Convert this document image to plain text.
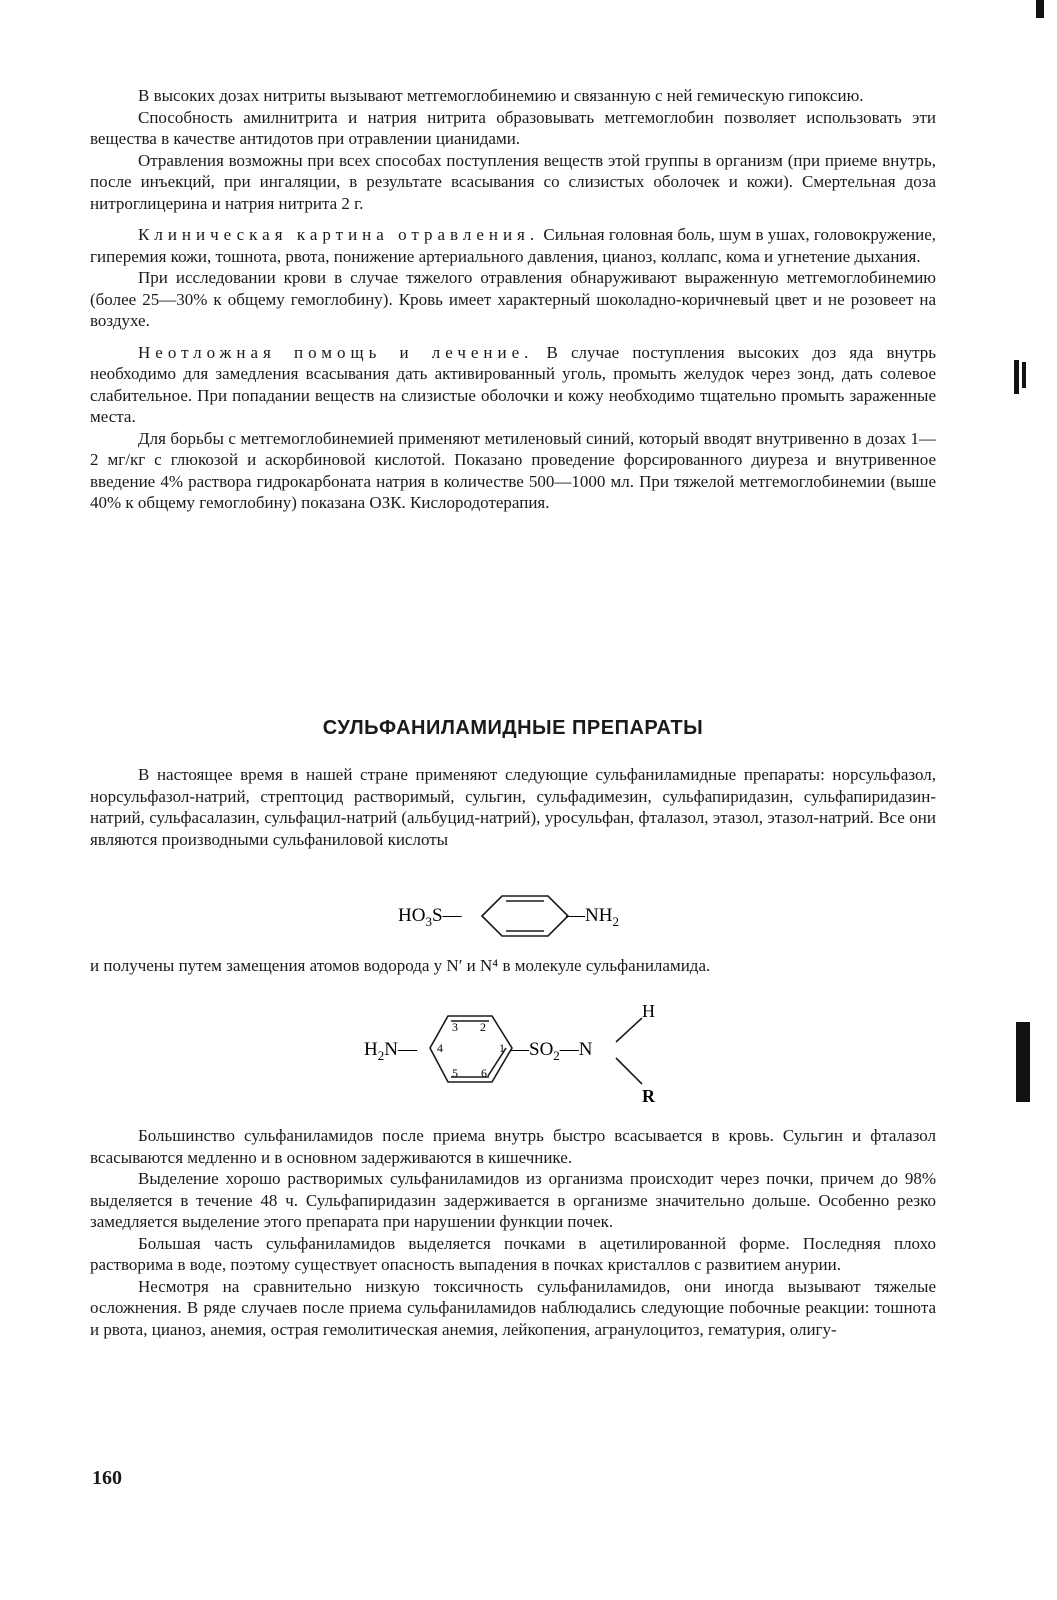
В высоких дозах нитриты вызывают метгемоглобинемию и связанную с ней гемическую гипоксию.

Способность амилнитрита и натрия нитрита образовывать метгемоглобин позволяет использовать эти вещества в качестве антидотов при отравлении цианидами.

Отравления возможны при всех способах поступления веществ этой группы в организм (при приеме внутрь, после инъекций, при ингаляции, в результате всасывания со слизистых оболочек и кожи). Смертельная доза нитроглицерина и натрия нитрита 2 г.

Клиническая картина отравления. Сильная головная боль, шум в ушах, головокружение, гиперемия кожи, тошнота, рвота, понижение артериального давления, цианоз, коллапс, кома и угнетение дыхания.

При исследовании крови в случае тяжелого отравления обнаруживают выраженную метгемоглобинемию (более 25—30% к общему гемоглобину). Кровь имеет характерный шоколадно-коричневый цвет и не розовеет на воздухе.

Неотложная помощь и лечение. В случае поступления высоких доз яда внутрь необходимо для замедления всасывания дать активированный уголь, промыть желудок через зонд, дать солевое слабительное. При попадании веществ на слизистые оболочки и кожу необходимо тщательно промыть зараженные места.

Для борьбы с метгемоглобинемией применяют метиленовый синий, который вводят внутривенно в дозах 1—2 мг/кг с глюкозой и аскорбиновой кислотой. Показано проведение форсированного диуреза и внутривенное введение 4% раствора гидрокарбоната натрия в количестве 500—1000 мл. При тяжелой метгемоглобинемии (выше 40% к общему гемоглобину) показана ОЗК. Кислородотерапия.

СУЛЬФАНИЛАМИДНЫЕ ПРЕПАРАТЫ

В настоящее время в нашей стране применяют следующие сульфаниламидные препараты: норсульфазол, норсульфазол-натрий, стрептоцид растворимый, сульгин, сульфадимезин, сульфапиридазин, сульфапиридазин-натрий, сульфасалазин, сульфацил-натрий (альбуцид-натрий), уросульфан, фталазол, этазол, этазол-натрий. Все они являются производными сульфаниловой кислоты

$HO_3S—$	$—NH_2$

и получены путем замещения атомов водорода у N′ и N⁴ в молекуле сульфаниламида.

$H_2N—$
3 2
4	1
5 6
$—SO_2—N$
H
R

Большинство сульфаниламидов после приема внутрь быстро всасывается в кровь. Сульгин и фталазол всасываются медленно и в основном задерживаются в кишечнике.

Выделение хорошо растворимых сульфаниламидов из организма происходит через почки, причем до 98% выделяется в течение 48 ч. Сульфапиридазин задерживается в организме значительно дольше. Особенно резко замедляется выделение этого препарата при нарушении функции почек.

Большая часть сульфаниламидов выделяется почками в ацетилированной форме. Последняя плохо растворима в воде, поэтому существует опасность выпадения в почках кристаллов с развитием анурии.

Несмотря на сравнительно низкую токсичность сульфаниламидов, они иногда вызывают тяжелые осложнения. В ряде случаев после приема сульфаниламидов наблюдались следующие побочные реакции: тошнота и рвота, цианоз, анемия, острая гемолитическая анемия, лейкопения, агранулоцитоз, гематурия, олигу-

160
